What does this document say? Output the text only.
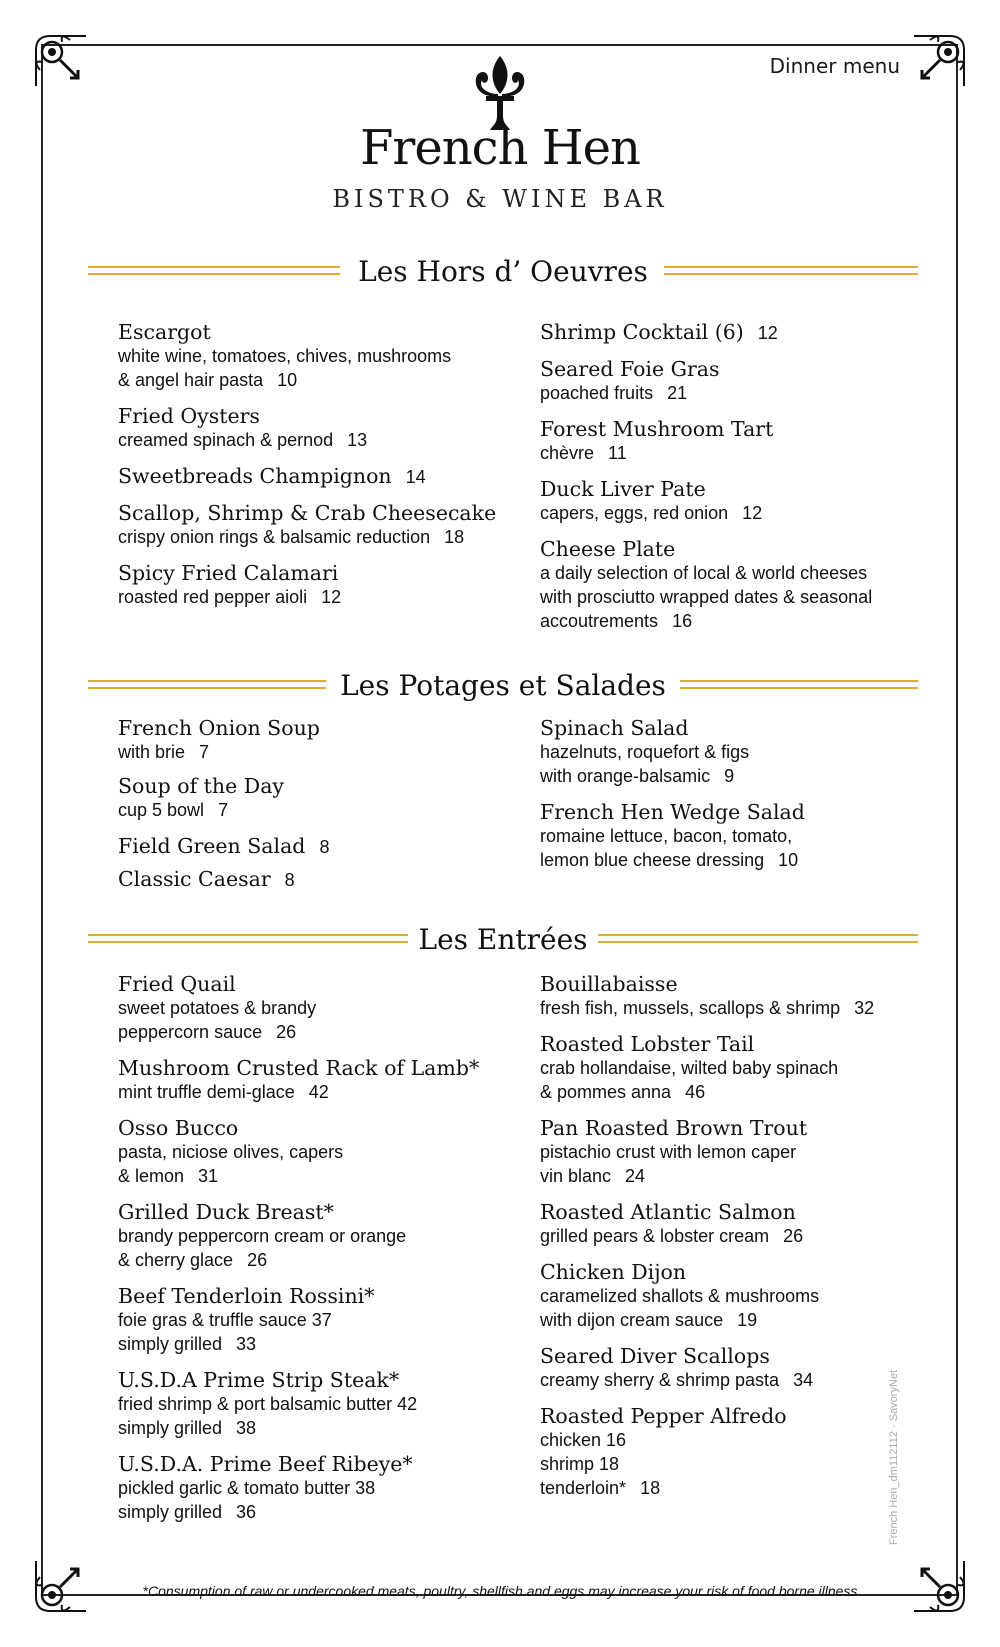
Dinner menu
French Hen
BISTRO & WINE BAR
Les Hors d’ Oeuvres
Escargot
white wine, tomatoes, chives, mushrooms
& angel hair pasta 10
Fried Oysters
creamed spinach & pernod 13
Sweetbreads Champignon 14
Scallop, Shrimp & Crab Cheesecake
crispy onion rings & balsamic reduction 18
Spicy Fried Calamari
roasted red pepper aioli 12
Shrimp Cocktail (6) 12
Seared Foie Gras
poached fruits 21
Forest Mushroom Tart
chèvre 11
Duck Liver Pate
capers, eggs, red onion 12
Cheese Plate
a daily selection of local & world cheeses
with prosciutto wrapped dates & seasonal
accoutrements 16
Les Potages et Salades
French Onion Soup
with brie 7
Soup of the Day
cup 5 bowl 7
Field Green Salad 8
Classic Caesar 8
Spinach Salad
hazelnuts, roquefort & figs
with orange-balsamic 9
French Hen Wedge Salad
romaine lettuce, bacon, tomato,
lemon blue cheese dressing 10
Les Entrées
Fried Quail
sweet potatoes & brandy
peppercorn sauce 26
Mushroom Crusted Rack of Lamb*
mint truffle demi-glace 42
Osso Bucco
pasta, niciose olives, capers
& lemon 31
Grilled Duck Breast*
brandy peppercorn cream or orange
& cherry glace 26
Beef Tenderloin Rossini*
foie gras & truffle sauce 37
simply grilled 33
U.S.D.A Prime Strip Steak*
fried shrimp & port balsamic butter 42
simply grilled 38
U.S.D.A. Prime Beef Ribeye*
pickled garlic & tomato butter 38
simply grilled 36
Bouillabaisse
fresh fish, mussels, scallops & shrimp 32
Roasted Lobster Tail
crab hollandaise, wilted baby spinach
& pommes anna 46
Pan Roasted Brown Trout
pistachio crust with lemon caper
vin blanc 24
Roasted Atlantic Salmon
grilled pears & lobster cream 26
Chicken Dijon
caramelized shallots & mushrooms
with dijon cream sauce 19
Seared Diver Scallops
creamy sherry & shrimp pasta 34
Roasted Pepper Alfredo
chicken 16
shrimp 18
tenderloin* 18
*Consumption of raw or undercooked meats, poultry, shellfish and eggs may increase your risk of food borne illness
French Hen_dm112112 · SavoryNet
